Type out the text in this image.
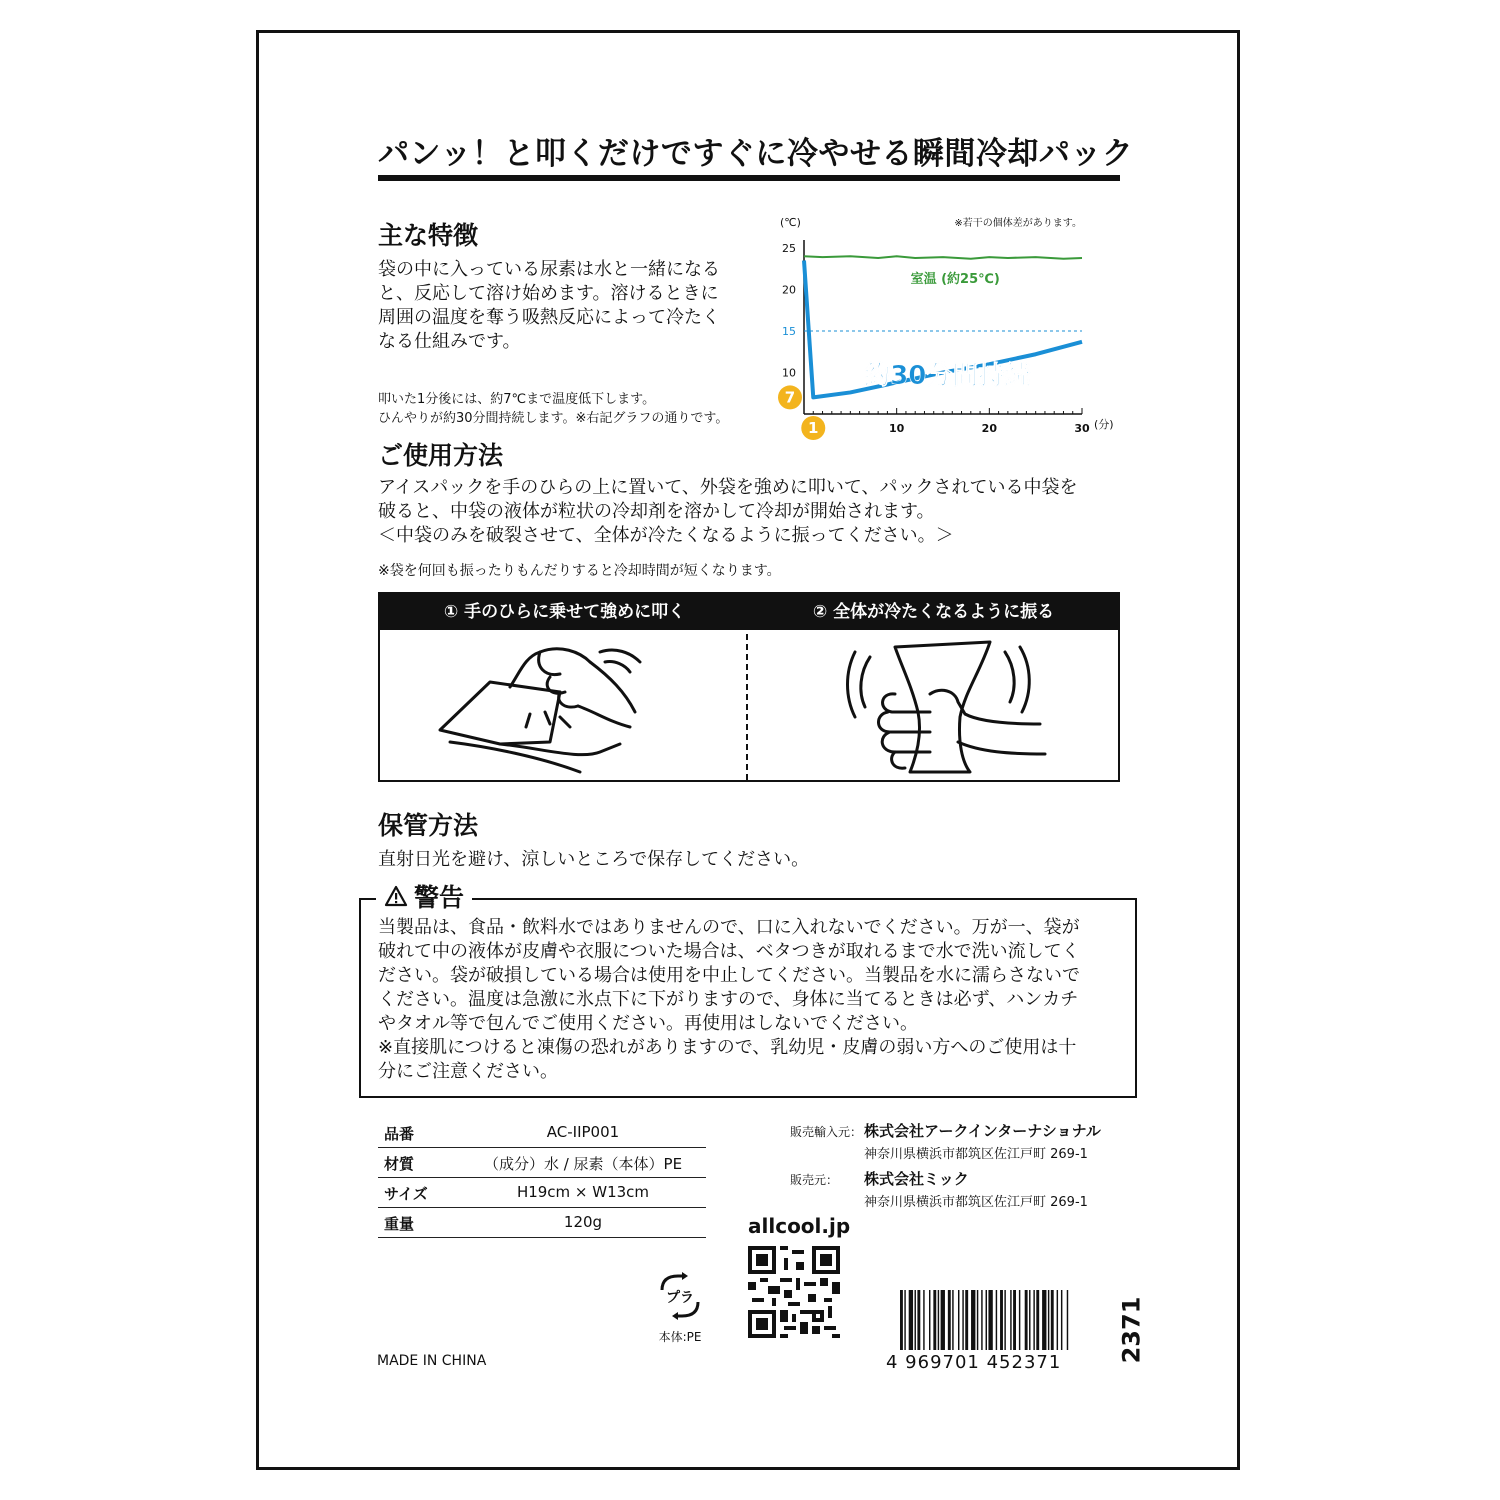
パンッ！と叩くだけですぐに冷やせる瞬間冷却パック
主な特徴
袋の中に入っている尿素は水と一緒になる
と、反応して溶け始めます。溶けるときに
周囲の温度を奪う吸熱反応によって冷たく
なる仕組みです。
叩いた1分後には、約7℃まで温度低下します。
ひんやりが約30分間持続します。※右記グラフの通りです。
(℃)
(分)
※若干の個体差があります。
25
20
15
10
10	20	30
室温 (約25℃)
約30分間持続
7
1
ご使用方法
アイスパックを手のひらの上に置いて、外袋を強めに叩いて、パックされている中袋を
破ると、中袋の液体が粒状の冷却剤を溶かして冷却が開始されます。
＜中袋のみを破裂させて、全体が冷たくなるように振ってください。＞
※袋を何回も振ったりもんだりすると冷却時間が短くなります。
① 手のひらに乗せて強めに叩く	② 全体が冷たくなるように振る
保管方法
直射日光を避け、涼しいところで保存してください。
警告
当製品は、食品・飲料水ではありませんので、口に入れないでください。万が一、袋が
破れて中の液体が皮膚や衣服についた場合は、ベタつきが取れるまで水で洗い流してく
ださい。袋が破損している場合は使用を中止してください。当製品を水に濡らさないで
ください。温度は急激に氷点下に下がりますので、身体に当てるときは必ず、ハンカチ
やタオル等で包んでご使用ください。再使用はしないでください。
※直接肌につけると凍傷の恐れがありますので、乳幼児・皮膚の弱い方へのご使用は十
分にご注意ください。
品番	AC-IIP001
材質	（成分）水 / 尿素（本体）PE
サイズ	H19cm × W13cm
重量	120g
販売輸入元： 株式会社アークインターナショナル
神奈川県横浜市都筑区佐江戸町 269-1
販売元：	株式会社ミック
神奈川県横浜市都筑区佐江戸町 269-1
allcool.jp
プラ
本体:PE
MADE IN CHINA	4 969701 452371 2371
